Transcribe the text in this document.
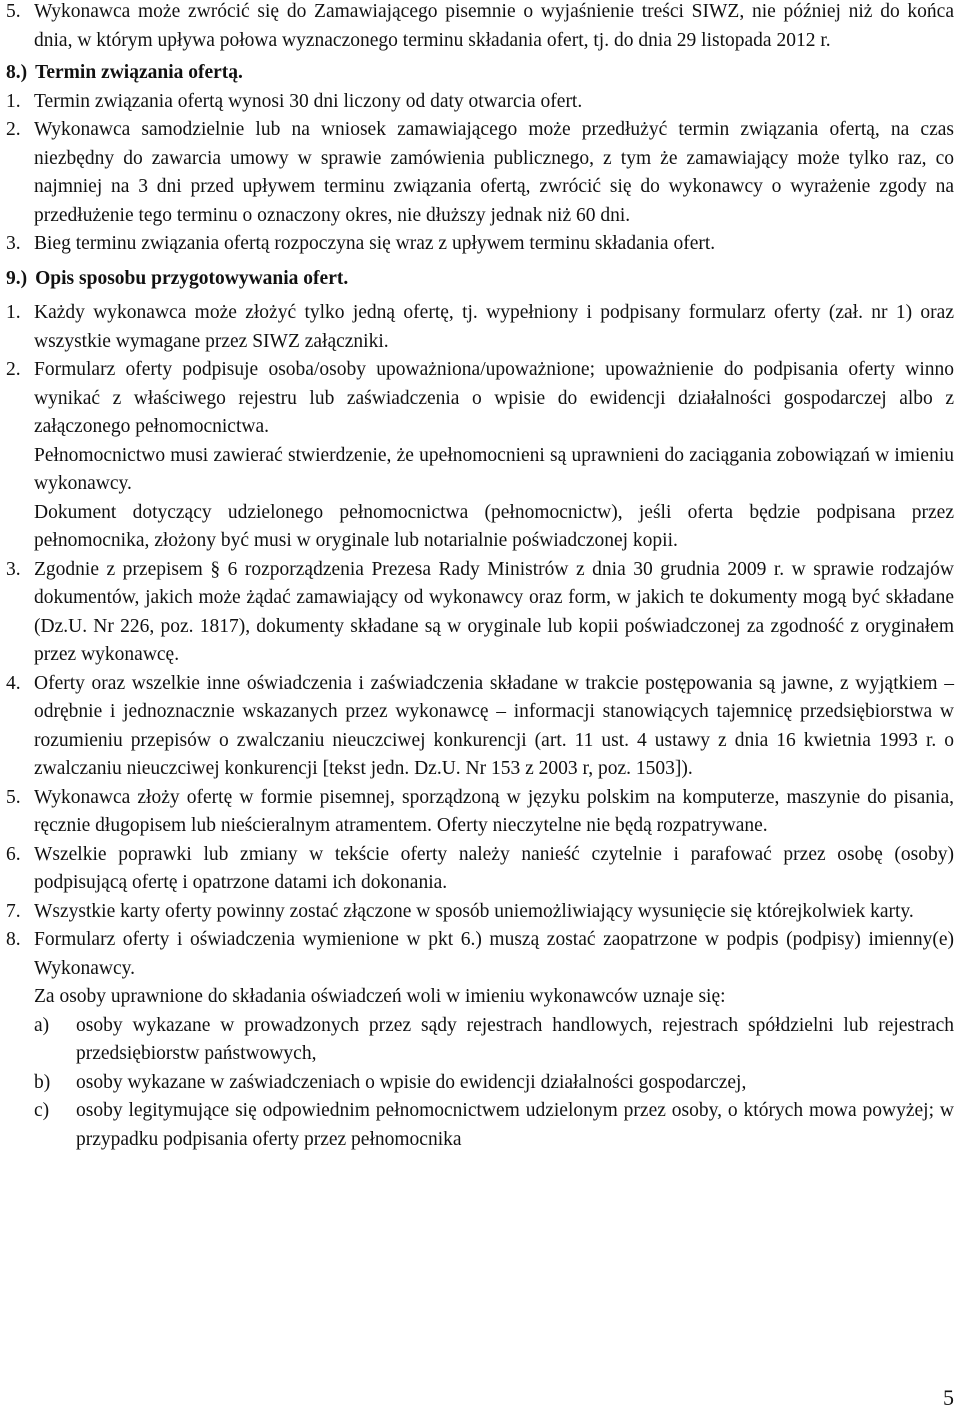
5. Wykonawca może zwrócić się do Zamawiającego pisemnie o wyjaśnienie treści SIWZ, nie później niż do końca dnia, w którym upływa połowa wyznaczonego terminu składania ofert, tj. do dnia 29 listopada 2012 r.
8.) Termin związania ofertą.
1. Termin związania ofertą wynosi 30 dni liczony od daty otwarcia ofert.
2. Wykonawca samodzielnie lub na wniosek zamawiającego może przedłużyć termin związania ofertą, na czas niezbędny do zawarcia umowy w sprawie zamówienia publicznego, z tym że zamawiający może tylko raz, co najmniej na 3 dni przed upływem terminu związania ofertą, zwrócić się do wykonawcy o wyrażenie zgody na przedłużenie tego terminu o oznaczony okres, nie dłuższy jednak niż 60 dni.
3. Bieg terminu związania ofertą rozpoczyna się wraz z upływem terminu składania ofert.
9.) Opis sposobu przygotowywania ofert.
1. Każdy wykonawca może złożyć tylko jedną ofertę, tj. wypełniony i podpisany formularz oferty (zał. nr 1) oraz wszystkie wymagane przez SIWZ załączniki.
2. Formularz oferty podpisuje osoba/osoby upoważniona/upoważnione; upoważnienie do podpisania oferty winno wynikać z właściwego rejestru lub zaświadczenia o wpisie do ewidencji działalności gospodarczej albo z załączonego pełnomocnictwa.
Pełnomocnictwo musi zawierać stwierdzenie, że upełnomocnieni są uprawnieni do zaciągania zobowiązań w imieniu wykonawcy.
Dokument dotyczący udzielonego pełnomocnictwa (pełnomocnictw), jeśli oferta będzie podpisana przez pełnomocnika, złożony być musi w oryginale lub notarialnie poświadczonej kopii.
3. Zgodnie z przepisem § 6 rozporządzenia Prezesa Rady Ministrów z dnia 30 grudnia 2009 r. w sprawie rodzajów dokumentów, jakich może żądać zamawiający od wykonawcy oraz form, w jakich te dokumenty mogą być składane (Dz.U. Nr 226, poz. 1817), dokumenty składane są w oryginale lub kopii poświadczonej za zgodność z oryginałem przez wykonawcę.
4. Oferty oraz wszelkie inne oświadczenia i zaświadczenia składane w trakcie postępowania są jawne, z wyjątkiem – odrębnie i jednoznacznie wskazanych przez wykonawcę – informacji stanowiących tajemnicę przedsiębiorstwa w rozumieniu przepisów o zwalczaniu nieuczciwej konkurencji (art. 11 ust. 4 ustawy z dnia 16 kwietnia 1993 r. o zwalczaniu nieuczciwej konkurencji [tekst jedn. Dz.U. Nr 153 z 2003 r, poz. 1503]).
5. Wykonawca złoży ofertę w formie pisemnej, sporządzoną w języku polskim na komputerze, maszynie do pisania, ręcznie długopisem lub nieścieralnym atramentem. Oferty nieczytelne nie będą rozpatrywane.
6. Wszelkie poprawki lub zmiany w tekście oferty należy nanieść czytelnie i parafować przez osobę (osoby) podpisującą ofertę i opatrzone datami ich dokonania.
7. Wszystkie karty oferty powinny zostać złączone w sposób uniemożliwiający wysunięcie się którejkolwiek karty.
8. Formularz oferty i oświadczenia wymienione w pkt 6.) muszą zostać zaopatrzone w podpis (podpisy) imienny(e) Wykonawcy.
Za osoby uprawnione do składania oświadczeń woli w imieniu wykonawców uznaje się:
a) osoby wykazane w prowadzonych przez sądy rejestrach handlowych, rejestrach spółdzielni lub rejestrach przedsiębiorstw państwowych,
b) osoby wykazane w zaświadczeniach o wpisie do ewidencji działalności gospodarczej,
c) osoby legitymujące się odpowiednim pełnomocnictwem udzielonym przez osoby, o których mowa powyżej; w przypadku podpisania oferty przez pełnomocnika
5
